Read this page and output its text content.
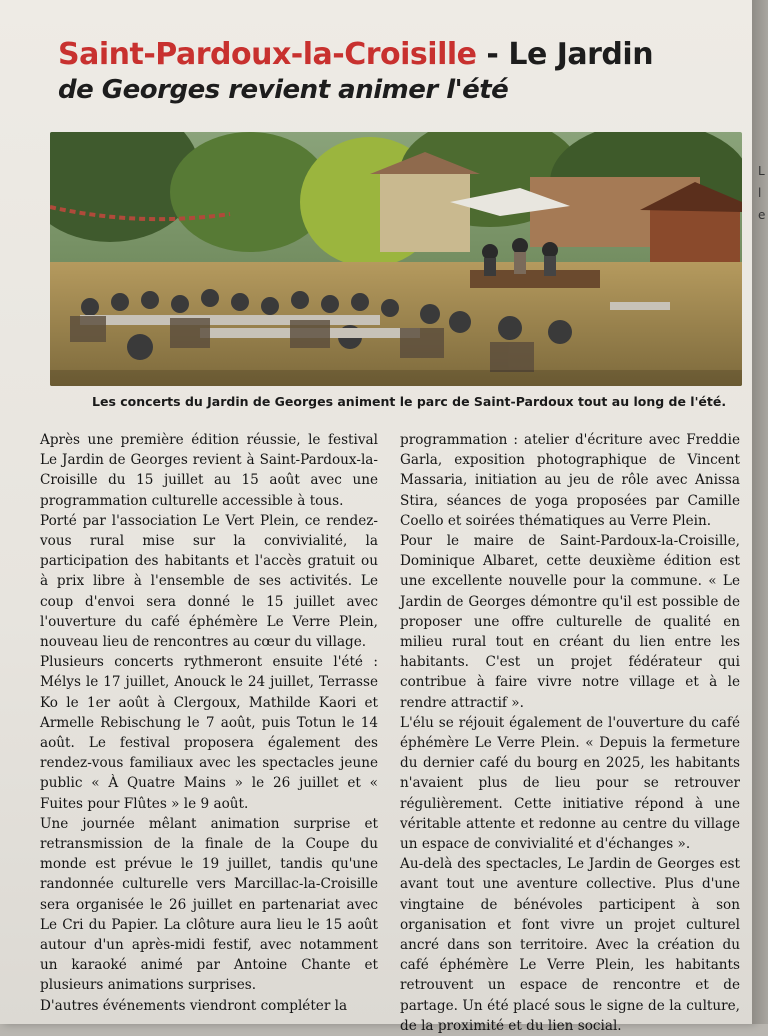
Saint-Pardoux-la-Croisille - Le Jardin
de Georges revient animer l'été
Les concerts du Jardin de Georges animent le parc de Saint-Pardoux tout au long de l'été.

Après une première édition réussie, le festival Le Jardin de Georges revient à Saint-Pardoux-la-Croisille du 15 juillet au 15 août avec une programmation culturelle accessible à tous.

Porté par l'association Le Vert Plein, ce rendez-vous rural mise sur la convivialité, la participation des habitants et l'accès gratuit ou à prix libre à l'ensemble de ses activités. Le coup d'envoi sera donné le 15 juillet avec l'ouverture du café éphémère Le Verre Plein, nouveau lieu de rencontres au cœur du village.

Plusieurs concerts rythmeront ensuite l'été : Mélys le 17 juillet, Anouck le 24 juillet, Terrasse Ko le 1er août à Clergoux, Mathilde Kaori et Armelle Rebischung le 7 août, puis Totun le 14 août. Le festival proposera également des rendez-vous familiaux avec les spectacles jeune public « À Quatre Mains » le 26 juillet et « Fuites pour Flûtes » le 9 août.

Une journée mêlant animation surprise et retransmission de la finale de la Coupe du monde est prévue le 19 juillet, tandis qu'une randonnée culturelle vers Marcillac-la-Croisille sera organisée le 26 juillet en partenariat avec Le Cri du Papier. La clôture aura lieu le 15 août autour d'un après-midi festif, avec notamment un karaoké animé par Antoine Chante et plusieurs animations surprises.

D'autres événements viendront compléter la

programmation : atelier d'écriture avec Freddie Garla, exposition photographique de Vincent Massaria, initiation au jeu de rôle avec Anissa Stira, séances de yoga proposées par Camille Coello et soirées thématiques au Verre Plein.

Pour le maire de Saint-Pardoux-la-Croisille, Dominique Albaret, cette deuxième édition est une excellente nouvelle pour la commune. « Le Jardin de Georges démontre qu'il est possible de proposer une offre culturelle de qualité en milieu rural tout en créant du lien entre les habitants. C'est un projet fédérateur qui contribue à faire vivre notre village et à le rendre attractif ».

L'élu se réjouit également de l'ouverture du café éphémère Le Verre Plein. « Depuis la fermeture du dernier café du bourg en 2025, les habitants n'avaient plus de lieu pour se retrouver régulièrement. Cette initiative répond à une véritable attente et redonne au centre du village un espace de convivialité et d'échanges ».

Au-delà des spectacles, Le Jardin de Georges est avant tout une aventure collective. Plus d'une vingtaine de bénévoles participent à son organisation et font vivre un projet culturel ancré dans son territoire. Avec la création du café éphémère Le Verre Plein, les habitants retrouvent un espace de rencontre et de partage. Un été placé sous le signe de la culture, de la proximité et du lien social.

L l e
